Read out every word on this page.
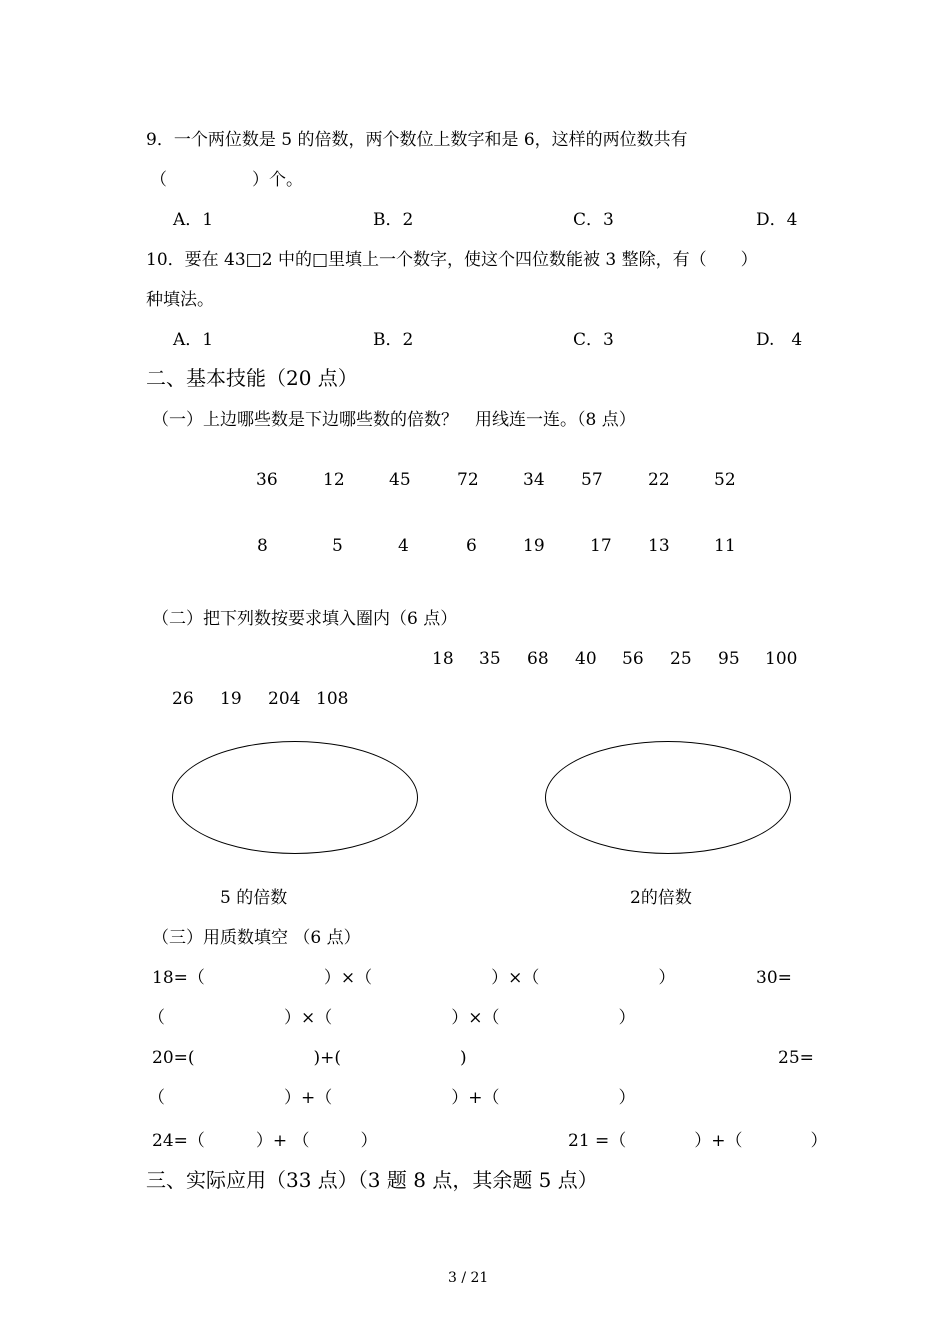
9．一个两位数是 5 的倍数，两个数位上数字和是 6，这样的两位数共有
（　　　　　）个。
A．1	B．2	C．3	D．4
10．要在 43□2 中的□里填上一个数字，使这个四位数能被 3 整除，有（　　）
种填法。
A．1	B．2	C．3	D.　4
二、基本技能（20 点）
（一）上边哪些数是下边哪些数的倍数？　用线连一连。（8 点）
36	12	45	72	34 57	22	52
8	5	4	6	19	17 13	11
（二）把下列数按要求填入圈内（6 点）
18 35 68 40 56 25 95 100
26 19 204 108
5 的倍数	2的倍数
（三）用质数填空 （6 点）
18=（　　　　　　　）×（　　　　　　　）×（　　　　　　　）	30=
（　　　　　　　）×（　　　　　　　）×（　　　　　　　）
20=(　　　　　　　)+(　　　　　　　)	25=
（　　　　　　　）+（　　　　　　　）+（　　　　　　　）
24=（　　　）+ （　　　）	21 =（　　　　）+（　　　　）
三、实际应用（33 点）（3 题 8 点，其余题 5 点）
3 / 21
